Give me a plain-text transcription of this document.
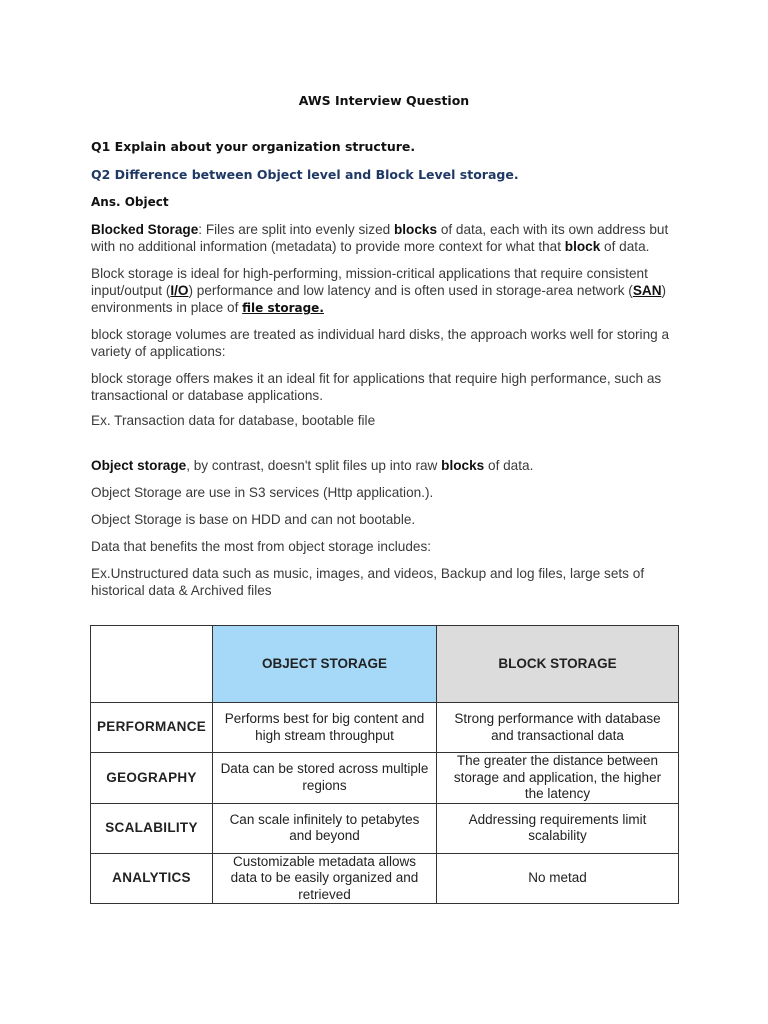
AWS Interview Question
Q1 Explain about your organization structure.
Q2 Difference between Object level and Block Level storage.
Ans. Object
Blocked Storage: Files are split into evenly sized blocks of data, each with its own address but with no additional information (metadata) to provide more context for what that block of data.
Block storage is ideal for high-performing, mission-critical applications that require consistent input/output (I/O) performance and low latency and is often used in storage-area network (SAN) environments in place of file storage.
block storage volumes are treated as individual hard disks, the approach works well for storing a variety of applications:
block storage offers makes it an ideal fit for applications that require high performance, such as transactional or database applications.
Ex. Transaction data for database, bootable file
Object storage, by contrast, doesn't split files up into raw blocks of data.
Object Storage are use in S3 services (Http application.).
Object Storage is base on HDD and can not bootable.
Data that benefits the most from object storage includes:
Ex.Unstructured data such as music, images, and videos, Backup and log files, large sets of historical data & Archived files
	OBJECT STORAGE	BLOCK STORAGE
PERFORMANCE	Performs best for big content and high stream throughput	Strong performance with database and transactional data
GEOGRAPHY	Data can be stored across multiple regions	The greater the distance between storage and application, the higher the latency
SCALABILITY	Can scale infinitely to petabytes and beyond	Addressing requirements limit scalability
ANALYTICS	Customizable metadata allows data to be easily organized and retrieved	No metad
